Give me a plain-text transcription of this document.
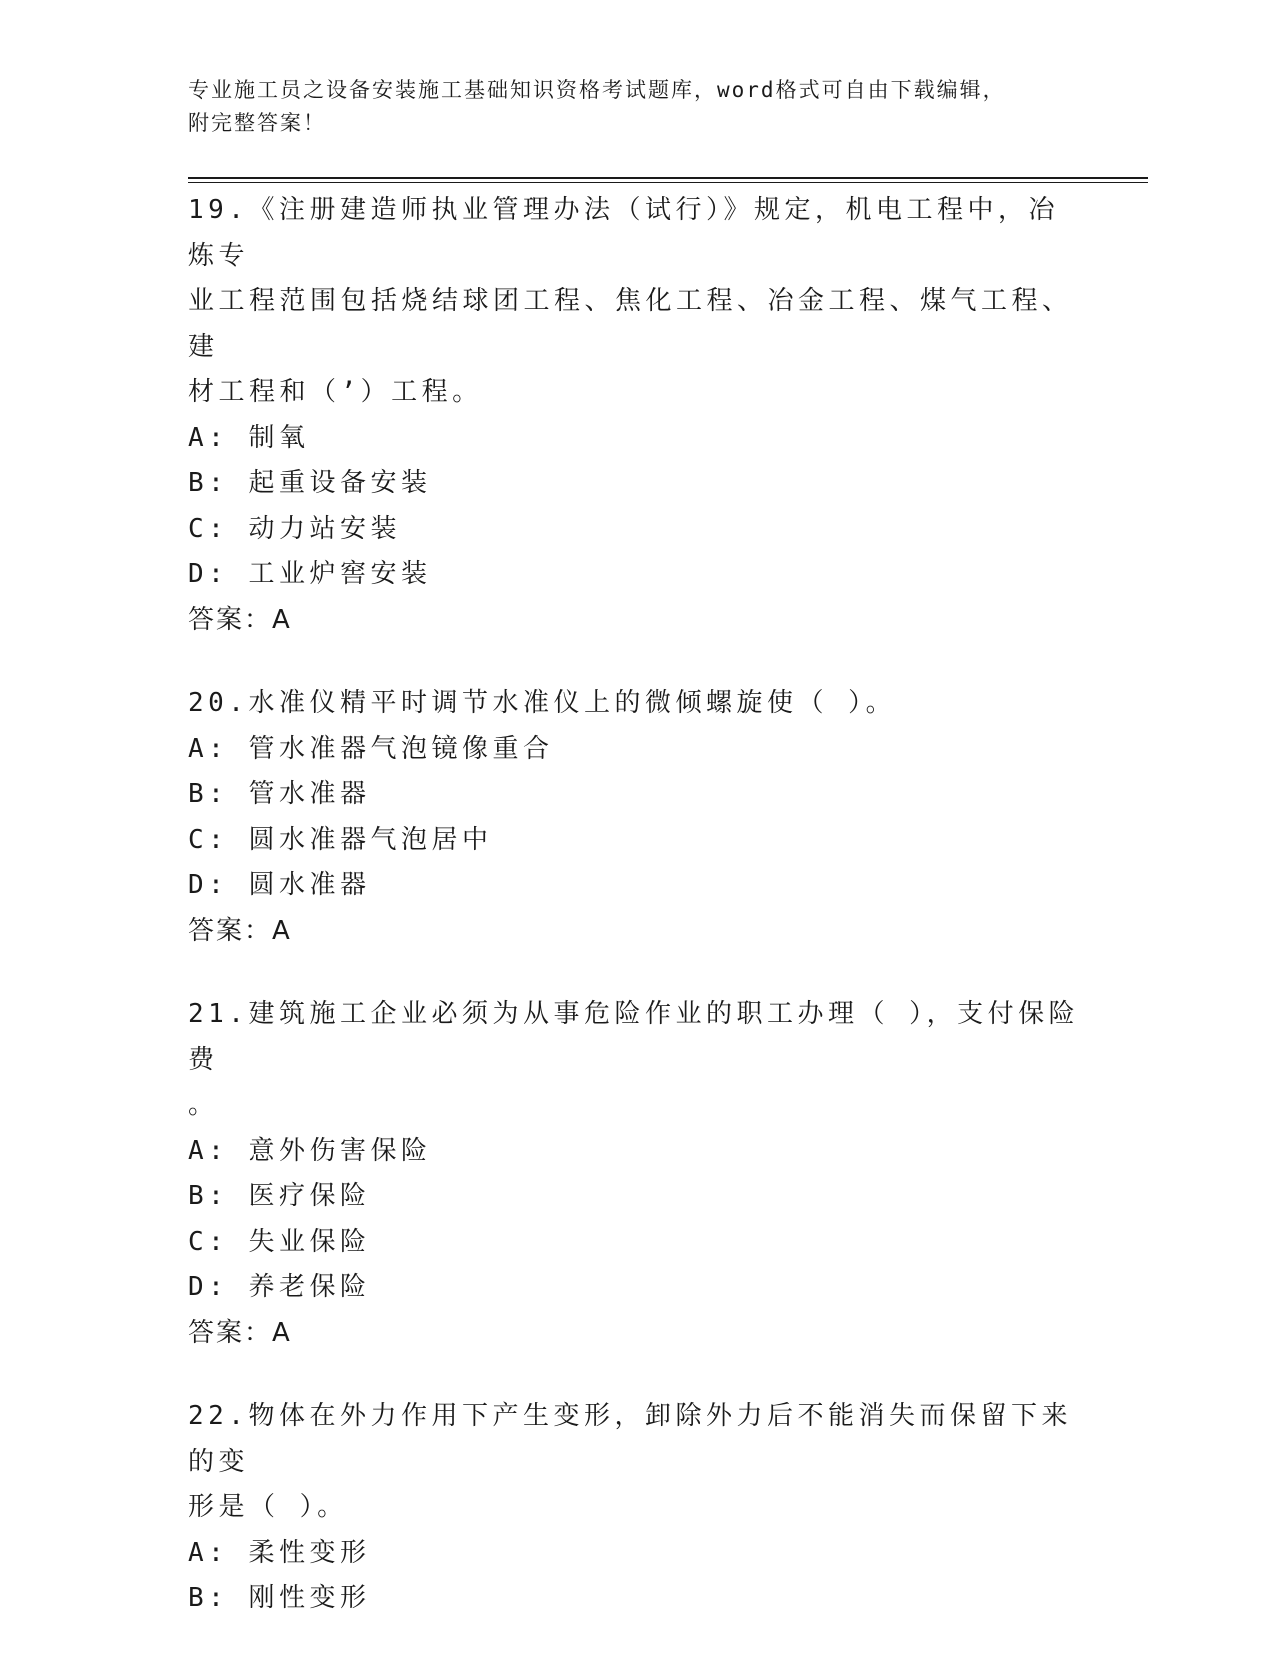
专业施工员之设备安装施工基础知识资格考试题库，word格式可自由下载编辑，
附完整答案！

19.《注册建造师执业管理办法（试行）》规定，机电工程中，冶炼专

业工程范围包括烧结球团工程、焦化工程、冶金工程、煤气工程、建

材工程和（’）工程。

A: 制氧

B: 起重设备安装

C: 动力站安装

D: 工业炉窖安装

答案：A

20.水准仪精平时调节水准仪上的微倾螺旋使（ ）。

A: 管水准器气泡镜像重合

B: 管水准器

C: 圆水准器气泡居中

D: 圆水准器

答案：A

21.建筑施工企业必须为从事危险作业的职工办理（ ），支付保险费

。

A: 意外伤害保险

B: 医疗保险

C: 失业保险

D: 养老保险

答案：A

22.物体在外力作用下产生变形，卸除外力后不能消失而保留下来的变

形是（ ）。

A: 柔性变形

B: 刚性变形
